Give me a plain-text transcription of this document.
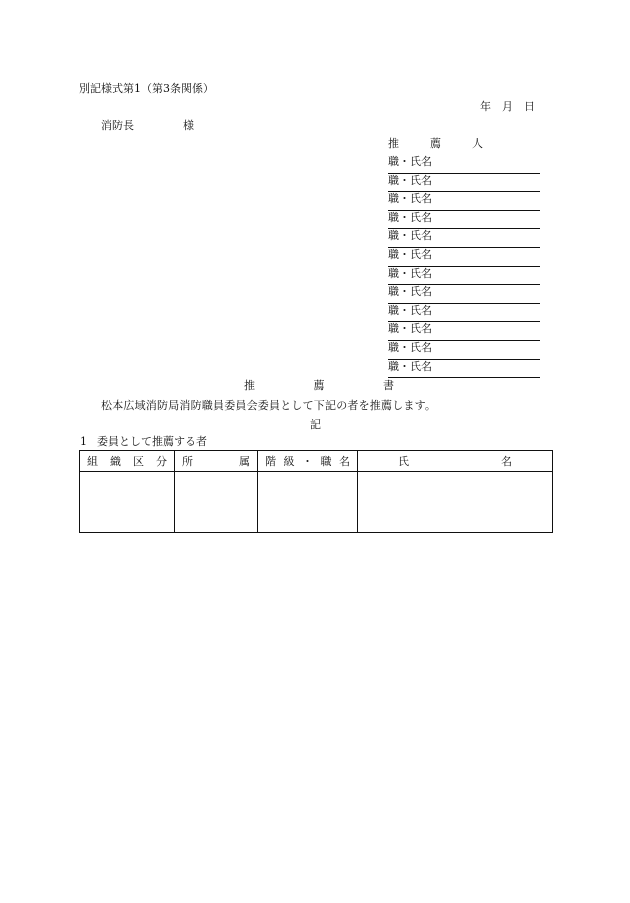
別記様式第1（第3条関係）
年　月　日
消防長	様
推　薦　人
職・氏名
職・氏名
職・氏名
職・氏名
職・氏名
職・氏名
職・氏名
職・氏名
職・氏名
職・氏名
職・氏名
職・氏名
推	薦	書
松本広域消防局消防職員委員会委員として下記の者を推薦します。
記
1 委員として推薦する者
組 織 区 分	所 属	階 級 ・ 職 名	氏 名
